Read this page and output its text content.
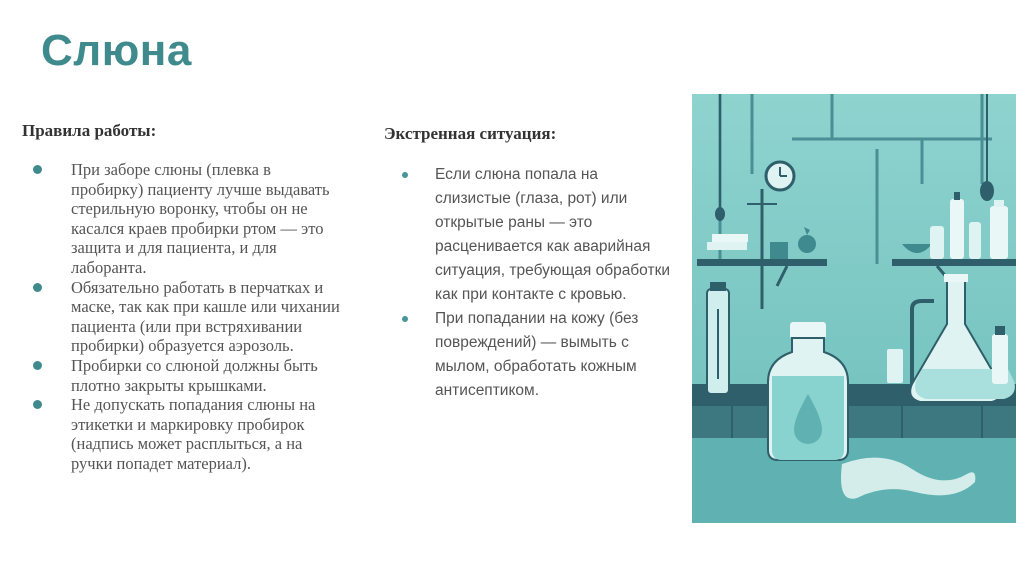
Слюна
Правила работы:
При заборе слюны (плевка в пробирку) пациенту лучше выдавать стерильную воронку, чтобы он не касался краев пробирки ртом — это защита и для пациента, и для лаборанта.
Обязательно работать в перчатках и маске, так как при кашле или чихании пациента (или при встряхивании пробирки) образуется аэрозоль.
Пробирки со слюной должны быть плотно закрыты крышками.
Не допускать попадания слюны на этикетки и маркировку пробирок (надпись может расплыться, а на ручки попадет материал).
Экстренная ситуация:
Если слюна попала на слизистые (глаза, рот) или открытые раны — это расценивается как аварийная ситуация, требующая обработки как при контакте с кровью.
При попадании на кожу (без повреждений) — вымыть с мылом, обработать кожным антисептиком.
